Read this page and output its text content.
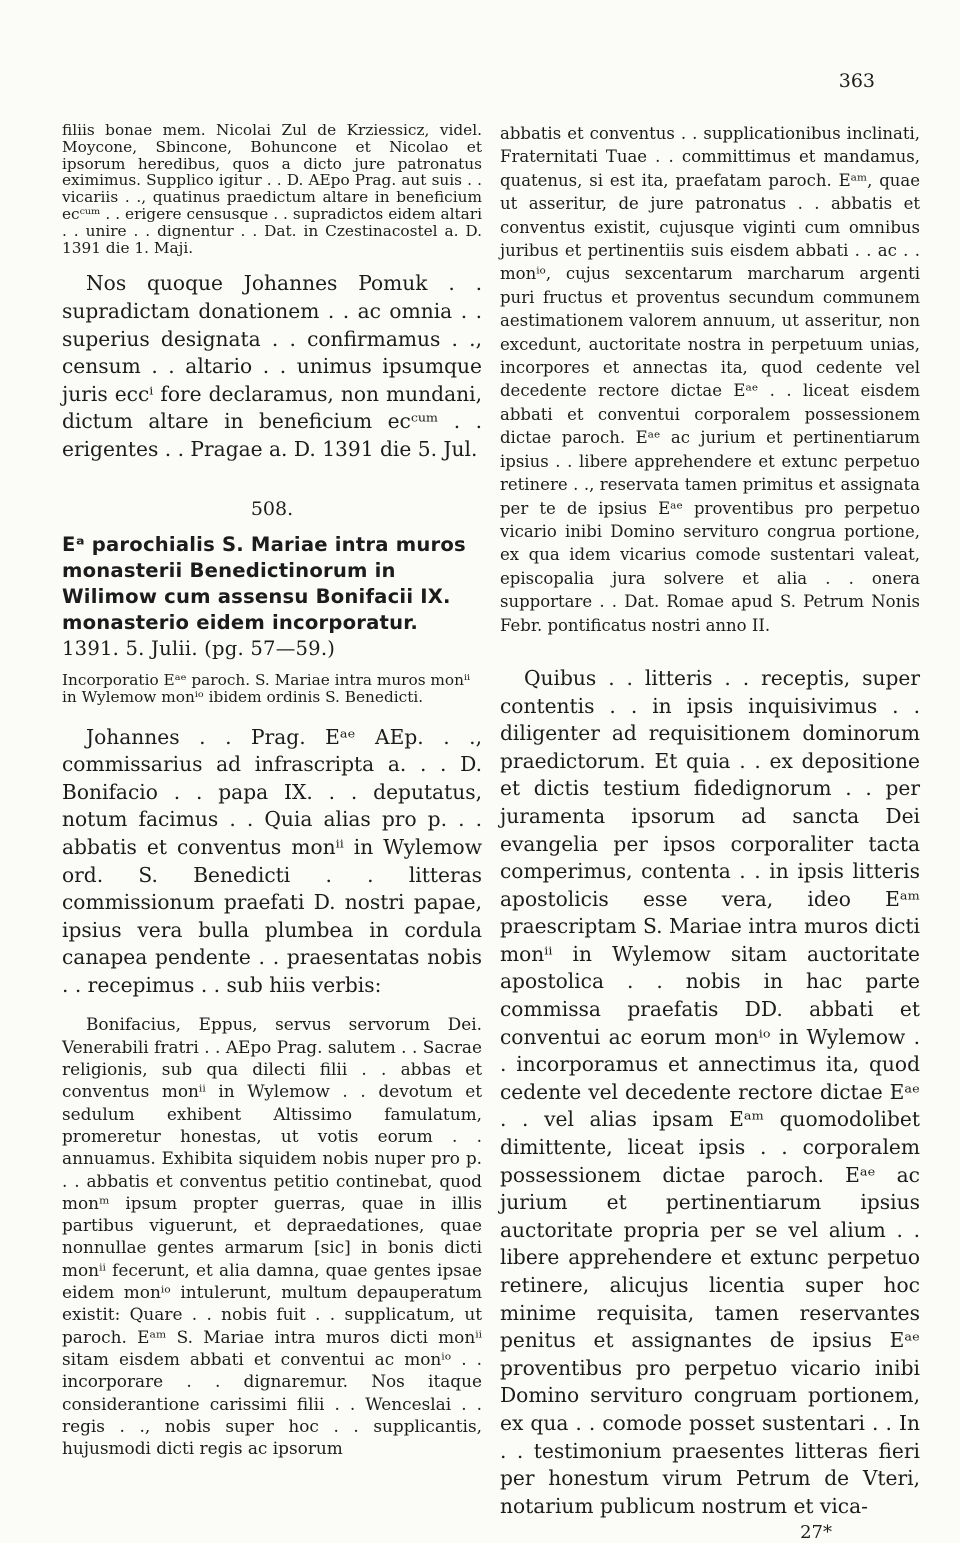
363

filiis bonae mem. Nicolai Zul de Krziessicz, videl. Moycone, Sbincone, Bohuncone et Nicolao et ipsorum heredibus, quos a dicto jure patronatus eximimus. Supplico igitur . . D. AEpo Prag. aut suis . . vicariis . ., quatinus praedictum altare in beneficium ecᶜᵘᵐ . . erigere censusque . . supradictos eidem altari . . unire . . dignentur . . Dat. in Czestinacostel a. D. 1391 die 1. Maji.

Nos quoque Johannes Pomuk . . supradictam donationem . . ac omnia . . superius designata . . confirmamus . ., censum . . altario . . unimus ipsumque juris eccⁱ fore declaramus, non mundani, dictum altare in beneficium ecᶜᵘᵐ . . erigentes . . Pragae a. D. 1391 die 5. Jul.

508.

Eᵃ parochialis S. Mariae intra muros monasterii Benedictinorum in Wilimow cum assensu Bonifacii IX. monasterio eidem incorporatur. 1391. 5. Julii. (pg. 57—59.)

Incorporatio Eᵃᵉ paroch. S. Mariae intra muros monⁱⁱ in Wylemow monⁱᵒ ibidem ordinis S. Benedicti.

Johannes . . Prag. Eᵃᵉ AEp. . ., commissarius ad infrascripta a. . . D. Bonifacio . . papa IX. . . deputatus, notum facimus . . Quia alias pro p. . . abbatis et conventus monⁱⁱ in Wylemow ord. S. Benedicti . . litteras commissionum praefati D. nostri papae, ipsius vera bulla plumbea in cordula canapea pendente . . praesentatas nobis . . recepimus . . sub hiis verbis:

Bonifacius, Eppus, servus servorum Dei. Venerabili fratri . . AEpo Prag. salutem . . Sacrae religionis, sub qua dilecti filii . . abbas et conventus monⁱⁱ in Wylemow . . devotum et sedulum exhibent Altissimo famulatum, promeretur honestas, ut votis eorum . . annuamus. Exhibita siquidem nobis nuper pro p. . . abbatis et conventus petitio continebat, quod monᵐ ipsum propter guerras, quae in illis partibus viguerunt, et depraedationes, quae nonnullae gentes armarum [sic] in bonis dicti monⁱⁱ fecerunt, et alia damna, quae gentes ipsae eidem monⁱᵒ intulerunt, multum depauperatum existit: Quare . . nobis fuit . . supplicatum, ut paroch. Eᵃᵐ S. Mariae intra muros dicti monⁱⁱ sitam eisdem abbati et conventui ac monⁱᵒ . . incorporare . . dignaremur. Nos itaque considerantione carissimi filii . . Wenceslai . . regis . ., nobis super hoc . . supplicantis, hujusmodi dicti regis ac ipsorum

abbatis et conventus . . supplicationibus inclinati, Fraternitati Tuae . . committimus et mandamus, quatenus, si est ita, praefatam paroch. Eᵃᵐ, quae ut asseritur, de jure patronatus . . abbatis et conventus existit, cujusque viginti cum omnibus juribus et pertinentiis suis eisdem abbati . . ac . . monⁱᵒ, cujus sexcentarum marcharum argenti puri fructus et proventus secundum communem aestimationem valorem annuum, ut asseritur, non excedunt, auctoritate nostra in perpetuum unias, incorpores et annectas ita, quod cedente vel decedente rectore dictae Eᵃᵉ . . liceat eisdem abbati et conventui corporalem possessionem dictae paroch. Eᵃᵉ ac jurium et pertinentiarum ipsius . . libere apprehendere et extunc perpetuo retinere . ., reservata tamen primitus et assignata per te de ipsius Eᵃᵉ proventibus pro perpetuo vicario inibi Domino servituro congrua portione, ex qua idem vicarius comode sustentari valeat, episcopalia jura solvere et alia . . onera supportare . . Dat. Romae apud S. Petrum Nonis Febr. pontificatus nostri anno II.

Quibus . . litteris . . receptis, super contentis . . in ipsis inquisivimus . . diligenter ad requisitionem dominorum praedictorum. Et quia . . ex depositione et dictis testium fidedignorum . . per juramenta ipsorum ad sancta Dei evangelia per ipsos corporaliter tacta comperimus, contenta . . in ipsis litteris apostolicis esse vera, ideo Eᵃᵐ praescriptam S. Mariae intra muros dicti monⁱⁱ in Wylemow sitam auctoritate apostolica . . nobis in hac parte commissa praefatis DD. abbati et conventui ac eorum monⁱᵒ in Wylemow . . incorporamus et annectimus ita, quod cedente vel decedente rectore dictae Eᵃᵉ . . vel alias ipsam Eᵃᵐ quomodolibet dimittente, liceat ipsis . . corporalem possessionem dictae paroch. Eᵃᵉ ac jurium et pertinentiarum ipsius auctoritate propria per se vel alium . . libere apprehendere et extunc perpetuo retinere, alicujus licentia super hoc minime requisita, tamen reservantes penitus et assignantes de ipsius Eᵃᵉ proventibus pro perpetuo vicario inibi Domino servituro congruam portionem, ex qua . . comode posset sustentari . . In . . testimonium praesentes litteras fieri per honestum virum Petrum de Vteri, notarium publicum nostrum et vica-

27*
